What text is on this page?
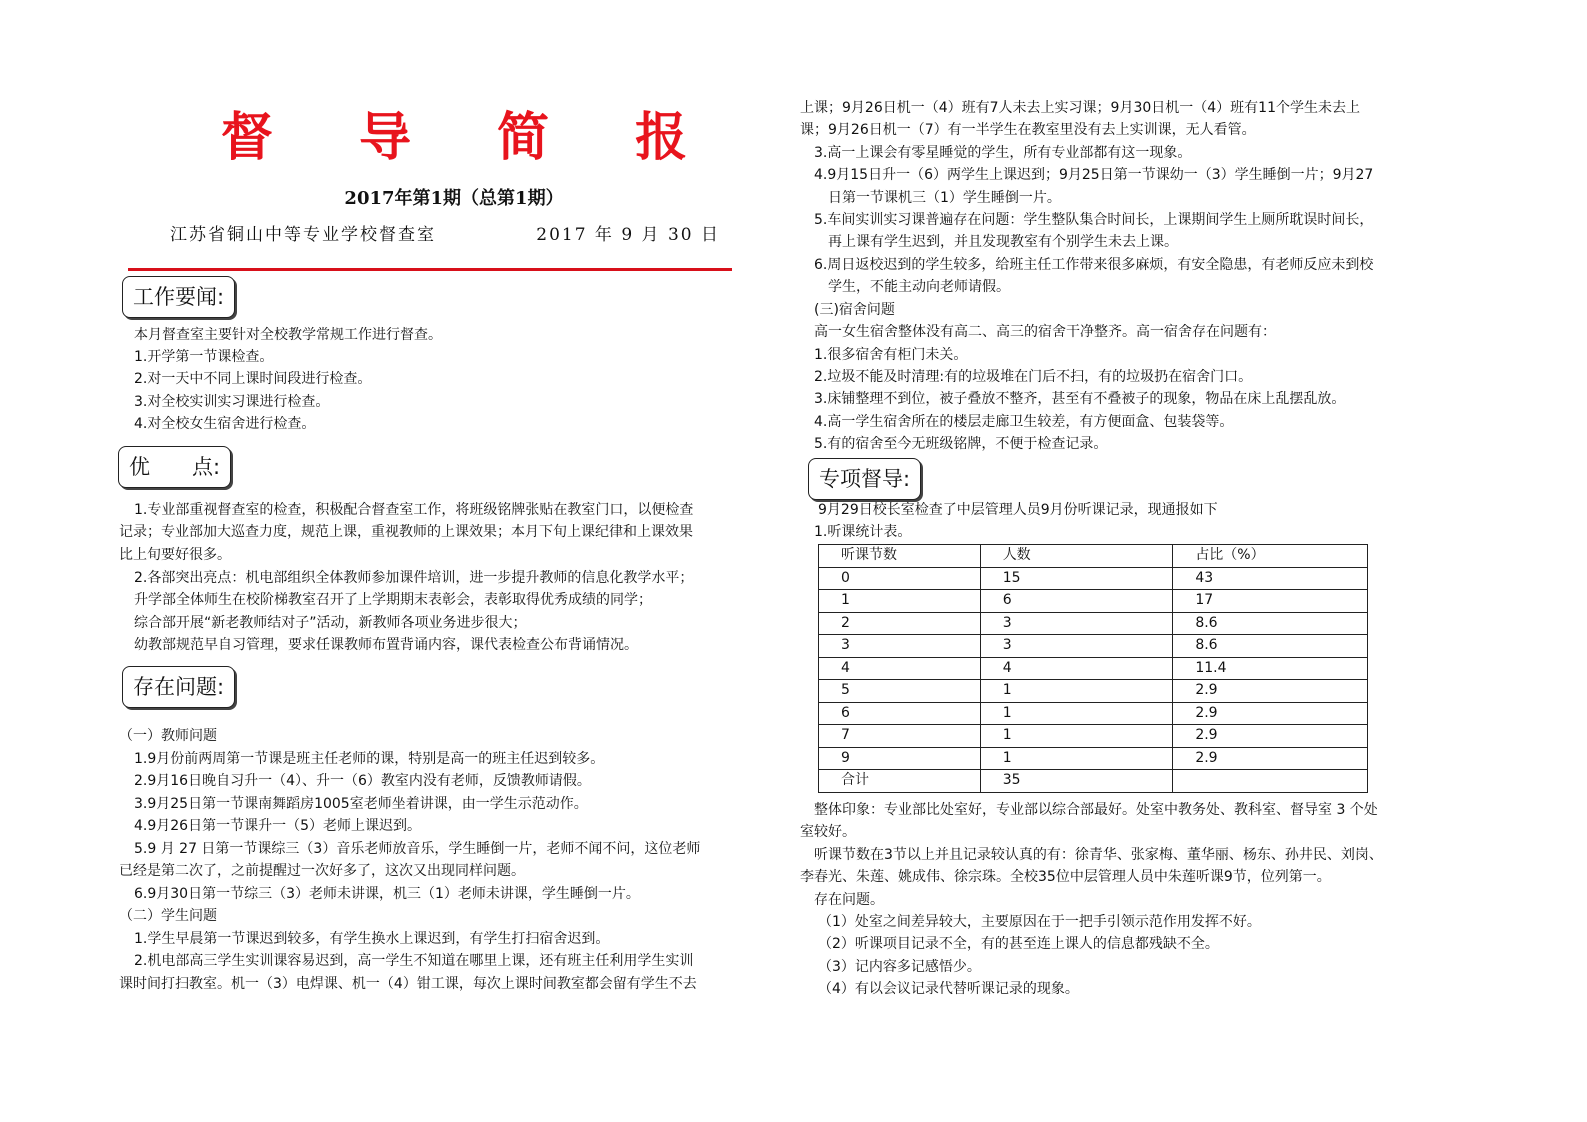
督 导 简 报
2017年第1期（总第1期）
江苏省铜山中等专业学校督查室	2017 年 9 月 30 日
工作要闻:
优　　点:
存在问题:
本月督查室主要针对全校教学常规工作进行督查。
1.开学第一节课检查。
2.对一天中不同上课时间段进行检查。
3.对全校实训实习课进行检查。
4.对全校女生宿舍进行检查。
1.专业部重视督查室的检查，积极配合督查室工作，将班级铭牌张贴在教室门口，以便检查
记录；专业部加大巡查力度，规范上课，重视教师的上课效果；本月下旬上课纪律和上课效果
比上旬要好很多。
2.各部突出亮点：机电部组织全体教师参加课件培训，进一步提升教师的信息化教学水平；
升学部全体师生在校阶梯教室召开了上学期期末表彰会，表彰取得优秀成绩的同学；
综合部开展“新老教师结对子”活动，新教师各项业务进步很大；
幼教部规范早自习管理，要求任课教师布置背诵内容，课代表检查公布背诵情况。
（一）教师问题
1.9月份前两周第一节课是班主任老师的课，特别是高一的班主任迟到较多。
2.9月16日晚自习升一（4）、升一（6）教室内没有老师，反馈教师请假。
3.9月25日第一节课南舞蹈房1005室老师坐着讲课，由一学生示范动作。
4.9月26日第一节课升一（5）老师上课迟到。
5.9 月 27 日第一节课综三（3）音乐老师放音乐，学生睡倒一片，老师不闻不问，这位老师
已经是第二次了，之前提醒过一次好多了，这次又出现同样问题。
6.9月30日第一节综三（3）老师未讲课，机三（1）老师未讲课，学生睡倒一片。
（二）学生问题
1.学生早晨第一节课迟到较多，有学生换水上课迟到，有学生打扫宿舍迟到。
2.机电部高三学生实训课容易迟到，高一学生不知道在哪里上课，还有班主任利用学生实训
课时间打扫教室。机一（3）电焊课、机一（4）钳工课，每次上课时间教室都会留有学生不去
上课；9月26日机一（4）班有7人未去上实习课；9月30日机一（4）班有11个学生未去上
课；9月26日机一（7）有一半学生在教室里没有去上实训课，无人看管。
3.高一上课会有零星睡觉的学生，所有专业部都有这一现象。
4.9月15日升一（6）两学生上课迟到；9月25日第一节课幼一（3）学生睡倒一片；9月27
日第一节课机三（1）学生睡倒一片。
5.车间实训实习课普遍存在问题：学生整队集合时间长，上课期间学生上厕所耽误时间长，
再上课有学生迟到，并且发现教室有个别学生未去上课。
6.周日返校迟到的学生较多，给班主任工作带来很多麻烦，有安全隐患，有老师反应未到校
学生，不能主动向老师请假。
(三)宿舍问题
高一女生宿舍整体没有高二、高三的宿舍干净整齐。高一宿舍存在问题有：
1.很多宿舍有柜门未关。
2.垃圾不能及时清理:有的垃圾堆在门后不扫，有的垃圾扔在宿舍门口。
3.床铺整理不到位，被子叠放不整齐，甚至有不叠被子的现象，物品在床上乱摆乱放。
4.高一学生宿舍所在的楼层走廊卫生较差，有方便面盒、包装袋等。
5.有的宿舍至今无班级铭牌，不便于检查记录。
专项督导:
9月29日校长室检查了中层管理人员9月份听课记录，现通报如下
1.听课统计表。
听课节数	人数	占比（%）
0	15	43
1	6	17
2	3	8.6
3	3	8.6
4	4	11.4
5	1	2.9
6	1	2.9
7	1	2.9
9	1	2.9
合计	35	
整体印象：专业部比处室好，专业部以综合部最好。处室中教务处、教科室、督导室 3 个处
室较好。
听课节数在3节以上并且记录较认真的有：徐青华、张家梅、董华丽、杨东、孙井民、刘岗、
李春光、朱莲、姚成伟、徐宗珠。全校35位中层管理人员中朱莲听课9节，位列第一。
存在问题。
（1）处室之间差异较大，主要原因在于一把手引领示范作用发挥不好。
（2）听课项目记录不全，有的甚至连上课人的信息都残缺不全。
（3）记内容多记感悟少。
（4）有以会议记录代替听课记录的现象。
